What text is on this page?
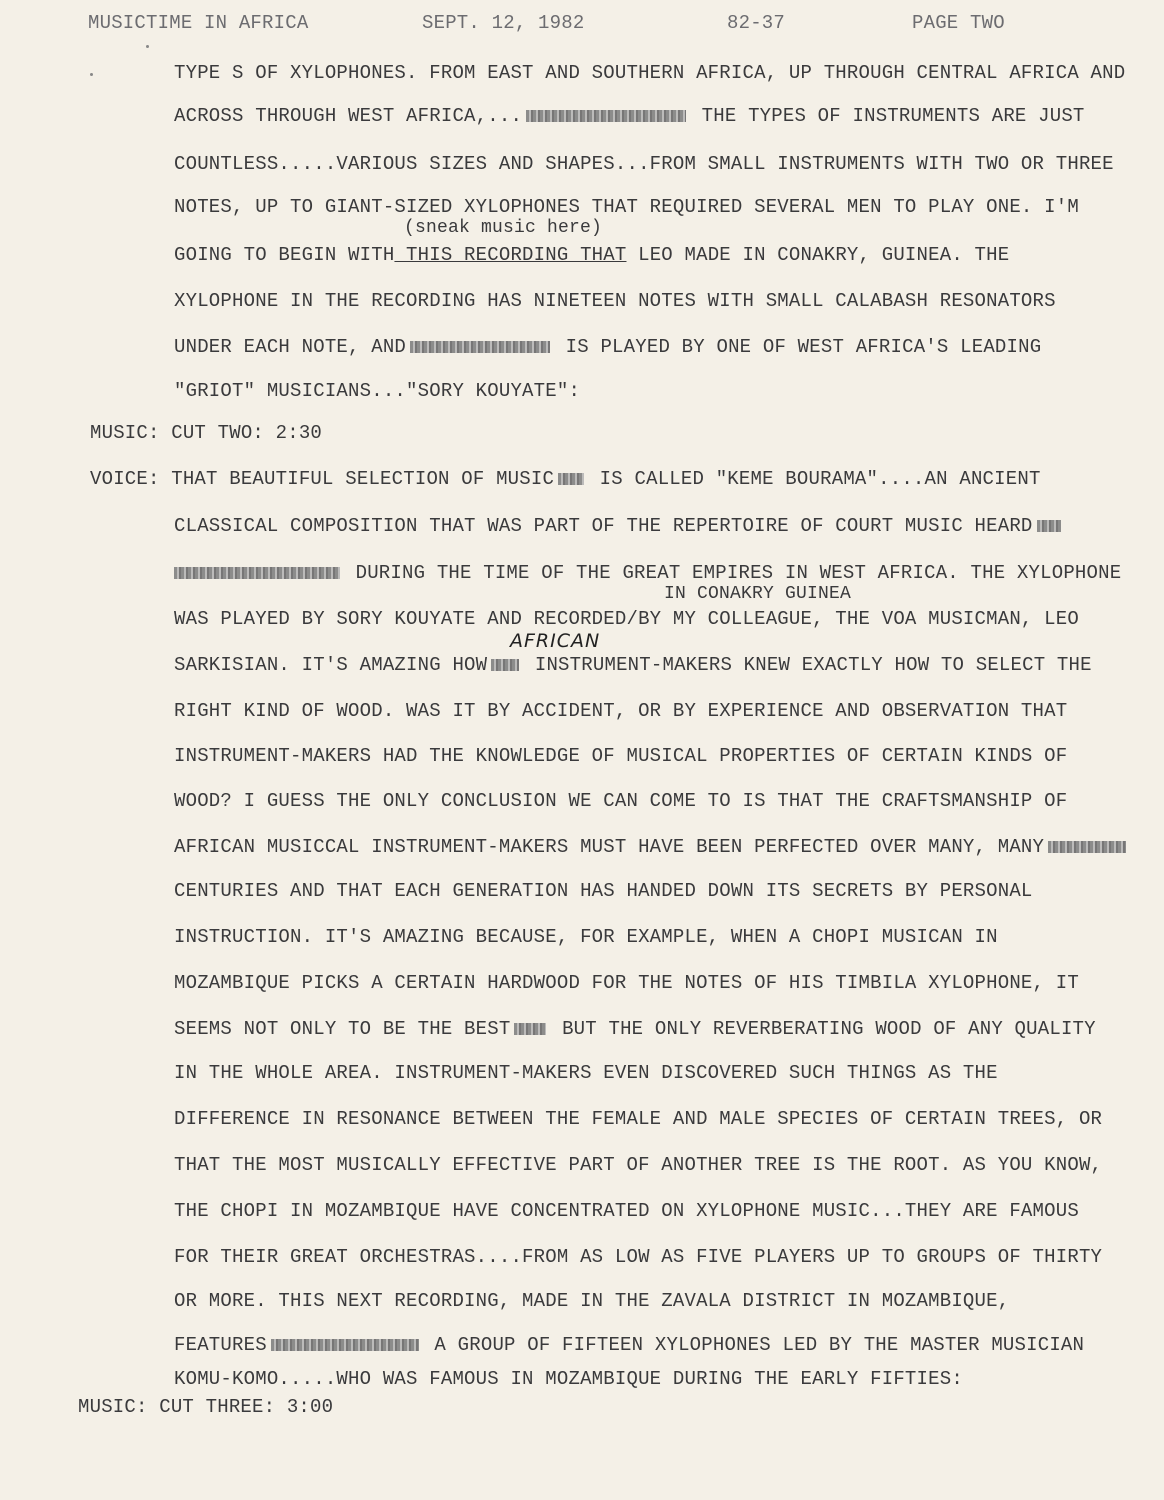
MUSICTIME IN AFRICA	SEPT. 12, 1982	82-37	PAGE TWO
TYPE S OF XYLOPHONES. FROM EAST AND SOUTHERN AFRICA, UP THROUGH CENTRAL AFRICA AND
ACROSS THROUGH WEST AFRICA,...	THE TYPES OF INSTRUMENTS ARE JUST
COUNTLESS.....VARIOUS SIZES AND SHAPES...FROM SMALL INSTRUMENTS WITH TWO OR THREE
NOTES, UP TO GIANT-SIZED XYLOPHONES THAT REQUIRED SEVERAL MEN TO PLAY ONE. I'M
(sneak music here)
GOING TO BEGIN WITH THIS RECORDING THAT LEO MADE IN CONAKRY, GUINEA. THE
XYLOPHONE IN THE RECORDING HAS NINETEEN NOTES WITH SMALL CALABASH RESONATORS
UNDER EACH NOTE, AND	IS PLAYED BY ONE OF WEST AFRICA'S LEADING
"GRIOT" MUSICIANS..."SORY KOUYATE":
MUSIC: CUT TWO: 2:30
VOICE: THAT BEAUTIFUL SELECTION OF MUSIC IS CALLED "KEME BOURAMA"....AN ANCIENT
CLASSICAL COMPOSITION THAT WAS PART OF THE REPERTOIRE OF COURT MUSIC HEARD
DURING THE TIME OF THE GREAT EMPIRES IN WEST AFRICA. THE XYLOPHONE
IN CONAKRY GUINEA
WAS PLAYED BY SORY KOUYATE AND RECORDED/BY MY COLLEAGUE, THE VOA MUSICMAN, LEO
AFRICAN
SARKISIAN. IT'S AMAZING HOW INSTRUMENT-MAKERS KNEW EXACTLY HOW TO SELECT THE
RIGHT KIND OF WOOD. WAS IT BY ACCIDENT, OR BY EXPERIENCE AND OBSERVATION THAT
INSTRUMENT-MAKERS HAD THE KNOWLEDGE OF MUSICAL PROPERTIES OF CERTAIN KINDS OF
WOOD? I GUESS THE ONLY CONCLUSION WE CAN COME TO IS THAT THE CRAFTSMANSHIP OF
AFRICAN MUSICCAL INSTRUMENT-MAKERS MUST HAVE BEEN PERFECTED OVER MANY, MANY
CENTURIES AND THAT EACH GENERATION HAS HANDED DOWN ITS SECRETS BY PERSONAL
INSTRUCTION. IT'S AMAZING BECAUSE, FOR EXAMPLE, WHEN A CHOPI MUSICAN IN
MOZAMBIQUE PICKS A CERTAIN HARDWOOD FOR THE NOTES OF HIS TIMBILA XYLOPHONE, IT
SEEMS NOT ONLY TO BE THE BEST BUT THE ONLY REVERBERATING WOOD OF ANY QUALITY
IN THE WHOLE AREA. INSTRUMENT-MAKERS EVEN DISCOVERED SUCH THINGS AS THE
DIFFERENCE IN RESONANCE BETWEEN THE FEMALE AND MALE SPECIES OF CERTAIN TREES, OR
THAT THE MOST MUSICALLY EFFECTIVE PART OF ANOTHER TREE IS THE ROOT. AS YOU KNOW,
THE CHOPI IN MOZAMBIQUE HAVE CONCENTRATED ON XYLOPHONE MUSIC...THEY ARE FAMOUS
FOR THEIR GREAT ORCHESTRAS....FROM AS LOW AS FIVE PLAYERS UP TO GROUPS OF THIRTY
OR MORE. THIS NEXT RECORDING, MADE IN THE ZAVALA DISTRICT IN MOZAMBIQUE,
FEATURES	A GROUP OF FIFTEEN XYLOPHONES LED BY THE MASTER MUSICIAN
KOMU-KOMO.....WHO WAS FAMOUS IN MOZAMBIQUE DURING THE EARLY FIFTIES:
MUSIC: CUT THREE: 3:00
